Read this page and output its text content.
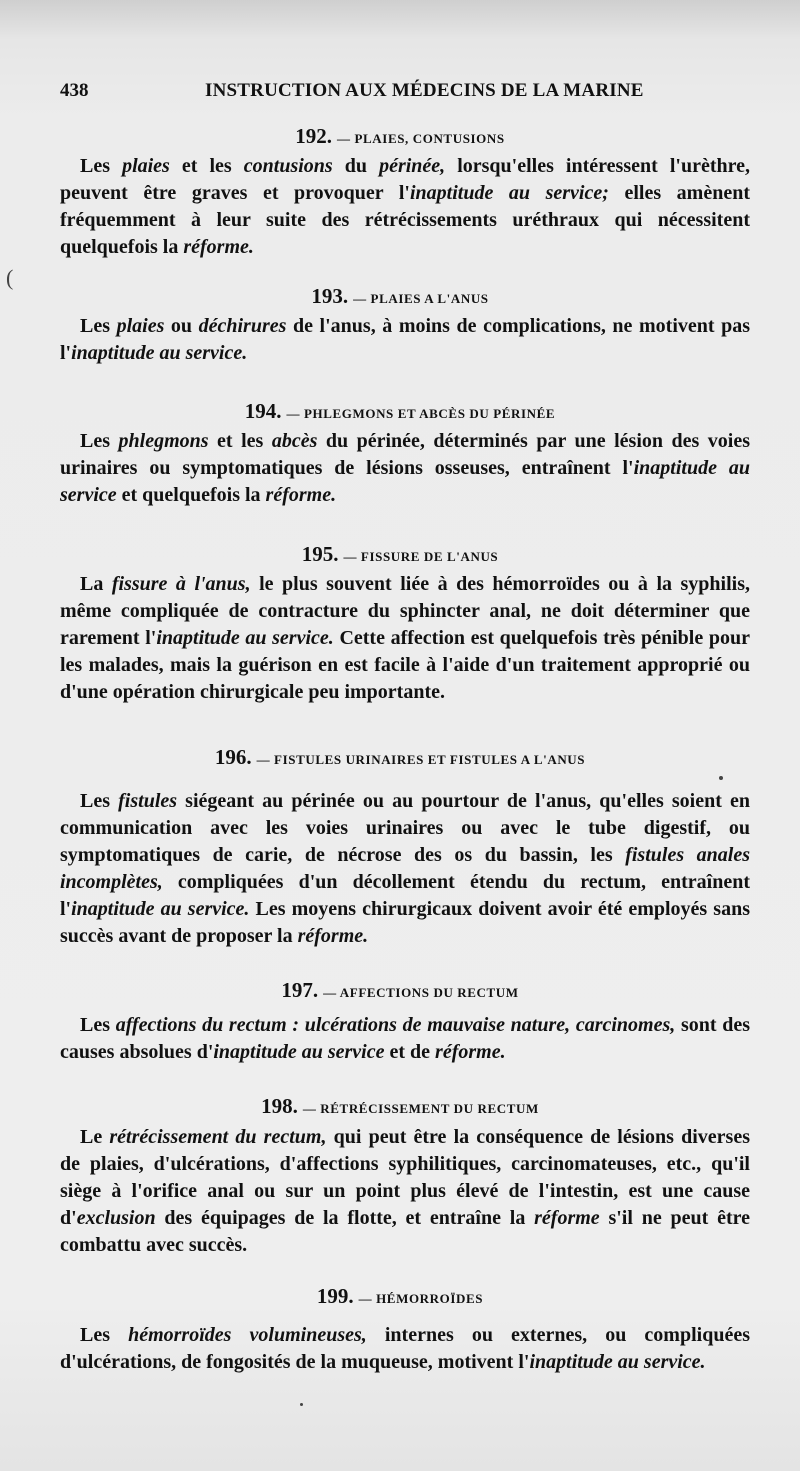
438	INSTRUCTION AUX MÉDECINS DE LA MARINE
(
192. — PLAIES, CONTUSIONS

Les plaies et les contusions du périnée, lorsqu'elles intéressent l'urèthre, peuvent être graves et provoquer l'inaptitude au service; elles amènent fréquemment à leur suite des rétrécissements uréthraux qui nécessitent quelquefois la réforme.

193. — PLAIES A L'ANUS

Les plaies ou déchirures de l'anus, à moins de complications, ne motivent pas l'inaptitude au service.

194. — PHLEGMONS ET ABCÈS DU PÉRINÉE

Les phlegmons et les abcès du périnée, déterminés par une lésion des voies urinaires ou symptomatiques de lésions osseuses, entraînent l'inaptitude au service et quelquefois la réforme.

195. — FISSURE DE L'ANUS

La fissure à l'anus, le plus souvent liée à des hémorroïdes ou à la syphilis, même compliquée de contracture du sphincter anal, ne doit déterminer que rarement l'inaptitude au service. Cette affection est quelquefois très pénible pour les malades, mais la guérison en est facile à l'aide d'un traitement approprié ou d'une opération chirurgicale peu importante.

196. — FISTULES URINAIRES ET FISTULES A L'ANUS

Les fistules siégeant au périnée ou au pourtour de l'anus, qu'elles soient en communication avec les voies urinaires ou avec le tube digestif, ou symptomatiques de carie, de nécrose des os du bassin, les fistules anales incomplètes, compliquées d'un décollement étendu du rectum, entraînent l'inaptitude au service. Les moyens chirurgicaux doivent avoir été employés sans succès avant de proposer la réforme.

197. — AFFECTIONS DU RECTUM

Les affections du rectum : ulcérations de mauvaise nature, carcinomes, sont des causes absolues d'inaptitude au service et de réforme.

198. — RÉTRÉCISSEMENT DU RECTUM

Le rétrécissement du rectum, qui peut être la conséquence de lésions diverses de plaies, d'ulcérations, d'affections syphilitiques, carcinomateuses, etc., qu'il siège à l'orifice anal ou sur un point plus élevé de l'intestin, est une cause d'exclusion des équipages de la flotte, et entraîne la réforme s'il ne peut être combattu avec succès.

199. — HÉMORROÏDES

Les hémorroïdes volumineuses, internes ou externes, ou compliquées d'ulcérations, de fongosités de la muqueuse, motivent l'inaptitude au service.
